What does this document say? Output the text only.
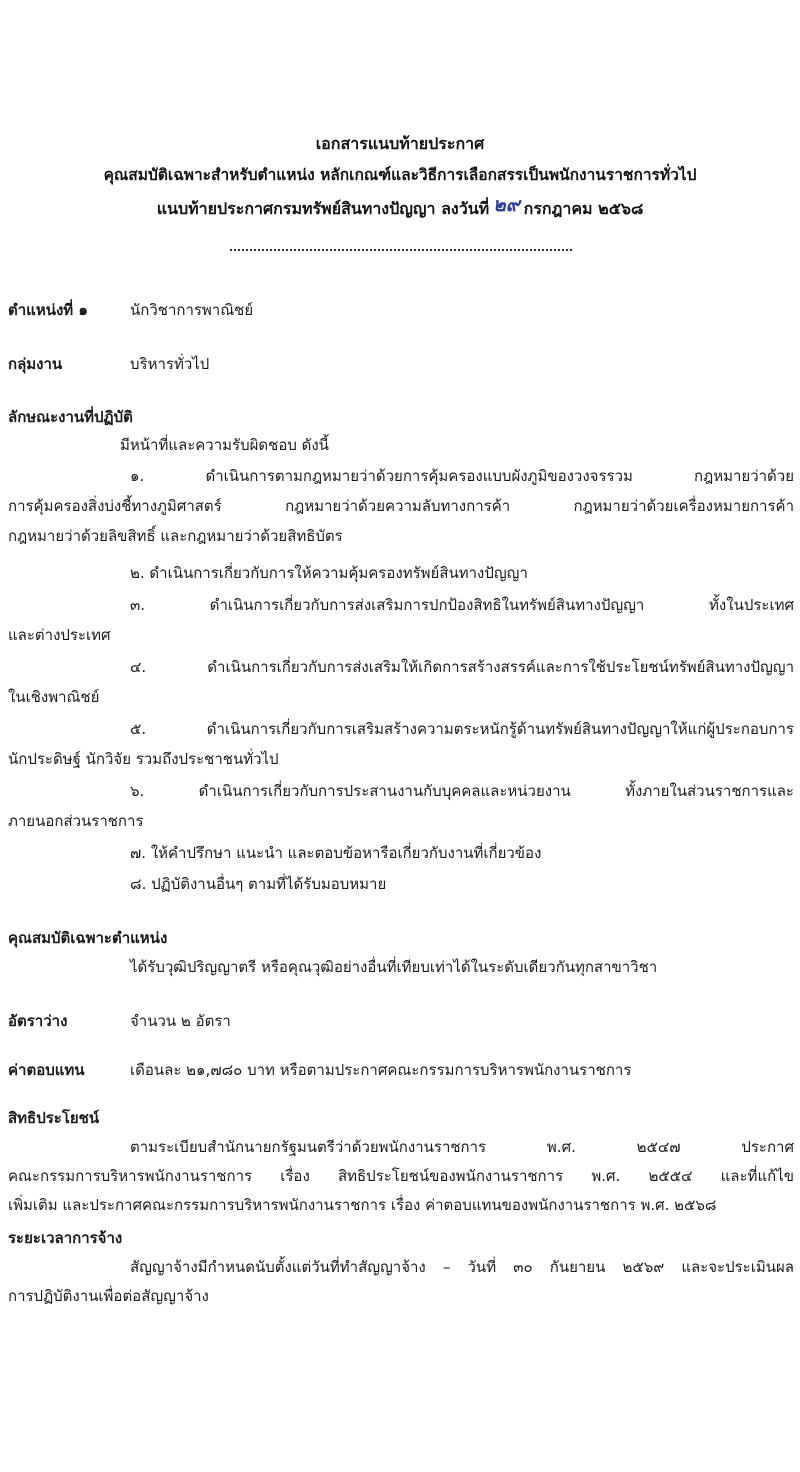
เอกสารแนบท้ายประกาศ
คุณสมบัติเฉพาะสำหรับตำแหน่ง หลักเกณฑ์และวิธีการเลือกสรรเป็นพนักงานราชการทั่วไป
แนบท้ายประกาศกรมทรัพย์สินทางปัญญา ลงวันที่ ๒๙ กรกฎาคม ๒๕๖๘
ตำแหน่งที่ ๑	นักวิชาการพาณิชย์
กลุ่มงาน	บริหารทั่วไป
ลักษณะงานที่ปฏิบัติ
มีหน้าที่และความรับผิดชอบ ดังนี้
๑. ดำเนินการตามกฎหมายว่าด้วยการคุ้มครองแบบผังภูมิของวงจรรวม กฎหมายว่าด้วย
การคุ้มครองสิ่งบ่งชี้ทางภูมิศาสตร์ กฎหมายว่าด้วยความลับทางการค้า กฎหมายว่าด้วยเครื่องหมายการค้า
กฎหมายว่าด้วยลิขสิทธิ์ และกฎหมายว่าด้วยสิทธิบัตร
๒. ดำเนินการเกี่ยวกับการให้ความคุ้มครองทรัพย์สินทางปัญญา
๓. ดำเนินการเกี่ยวกับการส่งเสริมการปกป้องสิทธิในทรัพย์สินทางปัญญา ทั้งในประเทศ
และต่างประเทศ
๔. ดำเนินการเกี่ยวกับการส่งเสริมให้เกิดการสร้างสรรค์และการใช้ประโยชน์ทรัพย์สินทางปัญญา
ในเชิงพาณิชย์
๕. ดำเนินการเกี่ยวกับการเสริมสร้างความตระหนักรู้ด้านทรัพย์สินทางปัญญาให้แก่ผู้ประกอบการ
นักประดิษฐ์ นักวิจัย รวมถึงประชาชนทั่วไป
๖. ดำเนินการเกี่ยวกับการประสานงานกับบุคคลและหน่วยงาน ทั้งภายในส่วนราชการและ
ภายนอกส่วนราชการ
๗. ให้คำปรึกษา แนะนำ และตอบข้อหารือเกี่ยวกับงานที่เกี่ยวข้อง
๘. ปฏิบัติงานอื่นๆ ตามที่ได้รับมอบหมาย
คุณสมบัติเฉพาะตำแหน่ง
ได้รับวุฒิปริญญาตรี หรือคุณวุฒิอย่างอื่นที่เทียบเท่าได้ในระดับเดียวกันทุกสาขาวิชา
อัตราว่าง	จำนวน ๒ อัตรา
ค่าตอบแทน	เดือนละ ๒๑,๗๘๐ บาท หรือตามประกาศคณะกรรมการบริหารพนักงานราชการ
สิทธิประโยชน์
ตามระเบียบสำนักนายกรัฐมนตรีว่าด้วยพนักงานราชการ พ.ศ. ๒๕๔๗ ประกาศ
คณะกรรมการบริหารพนักงานราชการ เรื่อง สิทธิประโยชน์ของพนักงานราชการ พ.ศ. ๒๕๕๔ และที่แก้ไข
เพิ่มเติม และประกาศคณะกรรมการบริหารพนักงานราชการ เรื่อง ค่าตอบแทนของพนักงานราชการ พ.ศ. ๒๕๖๘
ระยะเวลาการจ้าง
สัญญาจ้างมีกำหนดนับตั้งแต่วันที่ทำสัญญาจ้าง – วันที่ ๓๐ กันยายน ๒๕๖๙ และจะประเมินผล
การปฏิบัติงานเพื่อต่อสัญญาจ้าง
